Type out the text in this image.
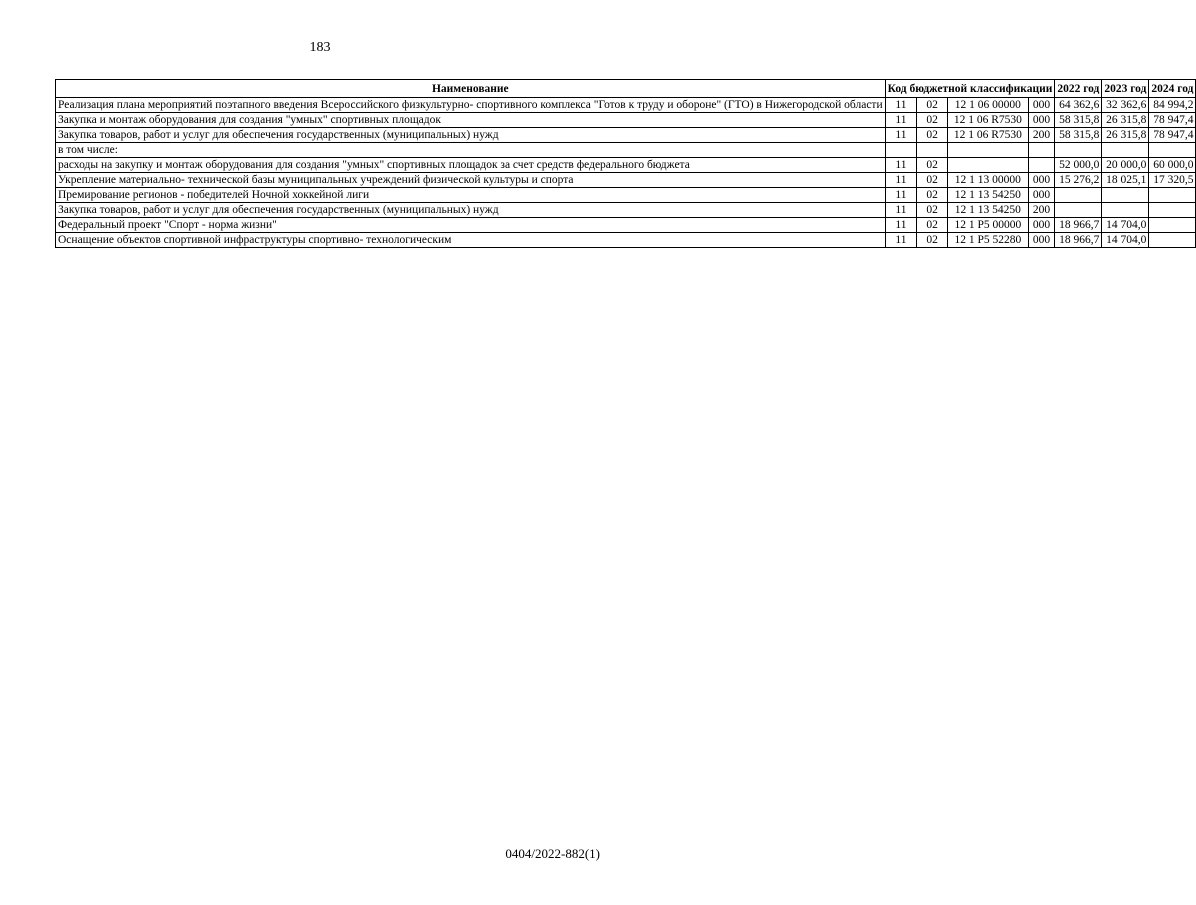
183
Наименование	Код бюджетной классификации				2022 год	2023 год	2024 год
Реализация плана мероприятий поэтапного введения Всероссийского физкультурно- спортивного комплекса "Готов к труду и обороне" (ГТО) в Нижегородской области	11	02	12 1 06 00000	000	64 362,6	32 362,6	84 994,2
Закупка и монтаж оборудования для создания "умных" спортивных площадок	11	02	12 1 06 R7530	000	58 315,8	26 315,8	78 947,4
Закупка товаров, работ и услуг для обеспечения государственных (муниципальных) нужд	11	02	12 1 06 R7530	200	58 315,8	26 315,8	78 947,4
в том числе:							
расходы на закупку и монтаж оборудования для создания "умных" спортивных площадок за счет средств федерального бюджета	11	02			52 000,0	20 000,0	60 000,0
Укрепление материально- технической базы муниципальных учреждений физической культуры и спорта	11	02	12 1 13 00000	000	15 276,2	18 025,1	17 320,5
Премирование регионов - победителей Ночной хоккейной лиги	11	02	12 1 13 54250	000			
Закупка товаров, работ и услуг для обеспечения государственных (муниципальных) нужд	11	02	12 1 13 54250	200			
Федеральный проект "Спорт - норма жизни"	11	02	12 1 P5 00000	000	18 966,7	14 704,0	
Оснащение объектов спортивной инфраструктуры спортивно- технологическим	11	02	12 1 P5 52280	000	18 966,7	14 704,0	
0404/2022-882(1)
